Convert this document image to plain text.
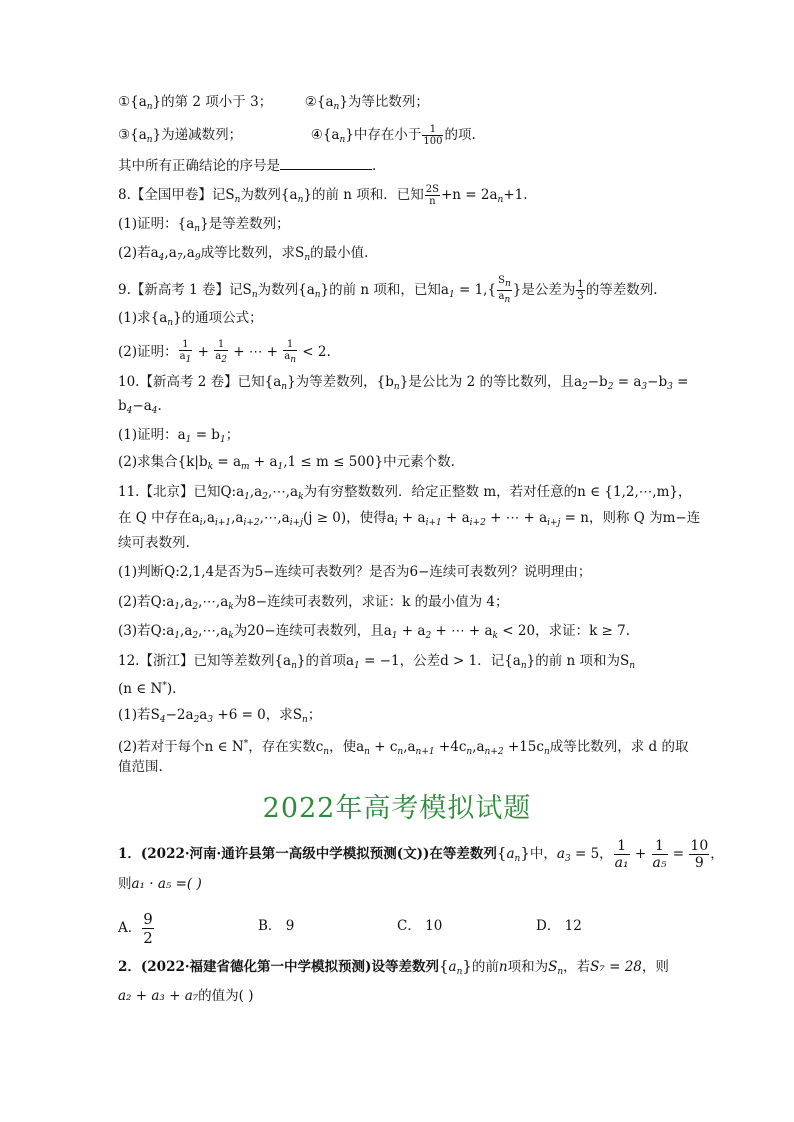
$①\{a_n\}$的第 2 项小于 3； $②\{a_n\}$为等比数列；
$③\{a_n\}$为递减数列；	$④\{a_n\}$中存在小于 $\frac{1}{100}$ 的项.
其中所有正确结论的序号是	.
8.【全国甲卷】记$S_n$为数列$\{a_n\}$的前 n 项和．已知 $\frac{2S}{n} +n = 2a_n+1$.
(1)证明：$\{a_n\}$是等差数列；
(2)若$a_4,a_7,a_9$成等比数列，求$S_n$的最小值.
9.【新高考 1 卷】记$S_n$为数列$\{a_n\}$的前 n 项和，已知$a_1 = 1,\{ \frac{Sn}{an}$ }是公差为 $\frac{1}{3}$ 的等差数列.
(1)求$\{a_n\}$的通项公式；
(2)证明： $\frac{1}{a1} + \frac{1}{a2}$ + ⋯ + $\frac{1}{an} < 2$.
10.【新高考 2 卷】已知$\{a_n\}$为等差数列，$\{b_n\}$是公比为 2 的等比数列，且$a_2-b_2 = a_3-b_3$ =
$b_4-a_4$.
(1)证明：$a_1 = b_1$；
(2)求集合$\{k|b_k = a_m + a_1,1 \le m \le 500\}$中元素个数.
11.【北京】已知$Q:a_1,a_2,\cdots,a_k$为有穷整数数列．给定正整数 m，若对任意的n ∈ {1,2,⋯,m}，
在 Q 中存在$a_i,a_{i+1},a_{i+2},\cdots,a_{i+j}(j \ge 0)$，使得$a_i + a_{i+1} + a_{i+2}$ + ⋯ + $a_{i+j} = n$，则称 Q 为m−连
续可表数列.
(1)判断Q:2,1,4是否为5−连续可表数列？是否为6−连续可表数列？说明理由；
(2)若$Q:a_1,a_2,\cdots,a_k$为8−连续可表数列，求证：k 的最小值为 4；
(3)若$Q:a_1,a_2,\cdots,a_k$为20−连续可表数列，且$a_1 + a_2$ + ⋯ + $a_k < 20$，求证：k ≥ 7.
12.【浙江】已知等差数列$\{a_n\}$的首项$a_1 = -1$，公差d > 1．记$\{a_n\}$的前 n 项和为$S_n$
(n ∈ N*).
(1)若$S_4-2a_2a_3 +6 = 0$，求$S_n$；
(2)若对于每个n ∈ N*，存在实数$c_n$，使$a_n + c_n,a_{n+1} +4c_n,a_{n+2} +15c_n$成等比数列，求 d 的取
值范围.
2022年高考模拟试题
1．(2022·河南·通许县第一高级中学模拟预测(文))在等差数列$\{a_n\}$中，$a_3 = 5$， $\frac{1}{\text{a₁}} + \frac{1}{\text{a₅}} = \frac{10}{9}$ ，
则a₁ · a₅ =( )
A． $\frac{9}{2}$	B． 9	C． 10	D． 12
2．(2022·福建省德化第一中学模拟预测)设等差数列$\{a_n\}$的前n项和为$S_n$，若S₇ = 28，则
a₂ + a₃ + a₇的值为( )
